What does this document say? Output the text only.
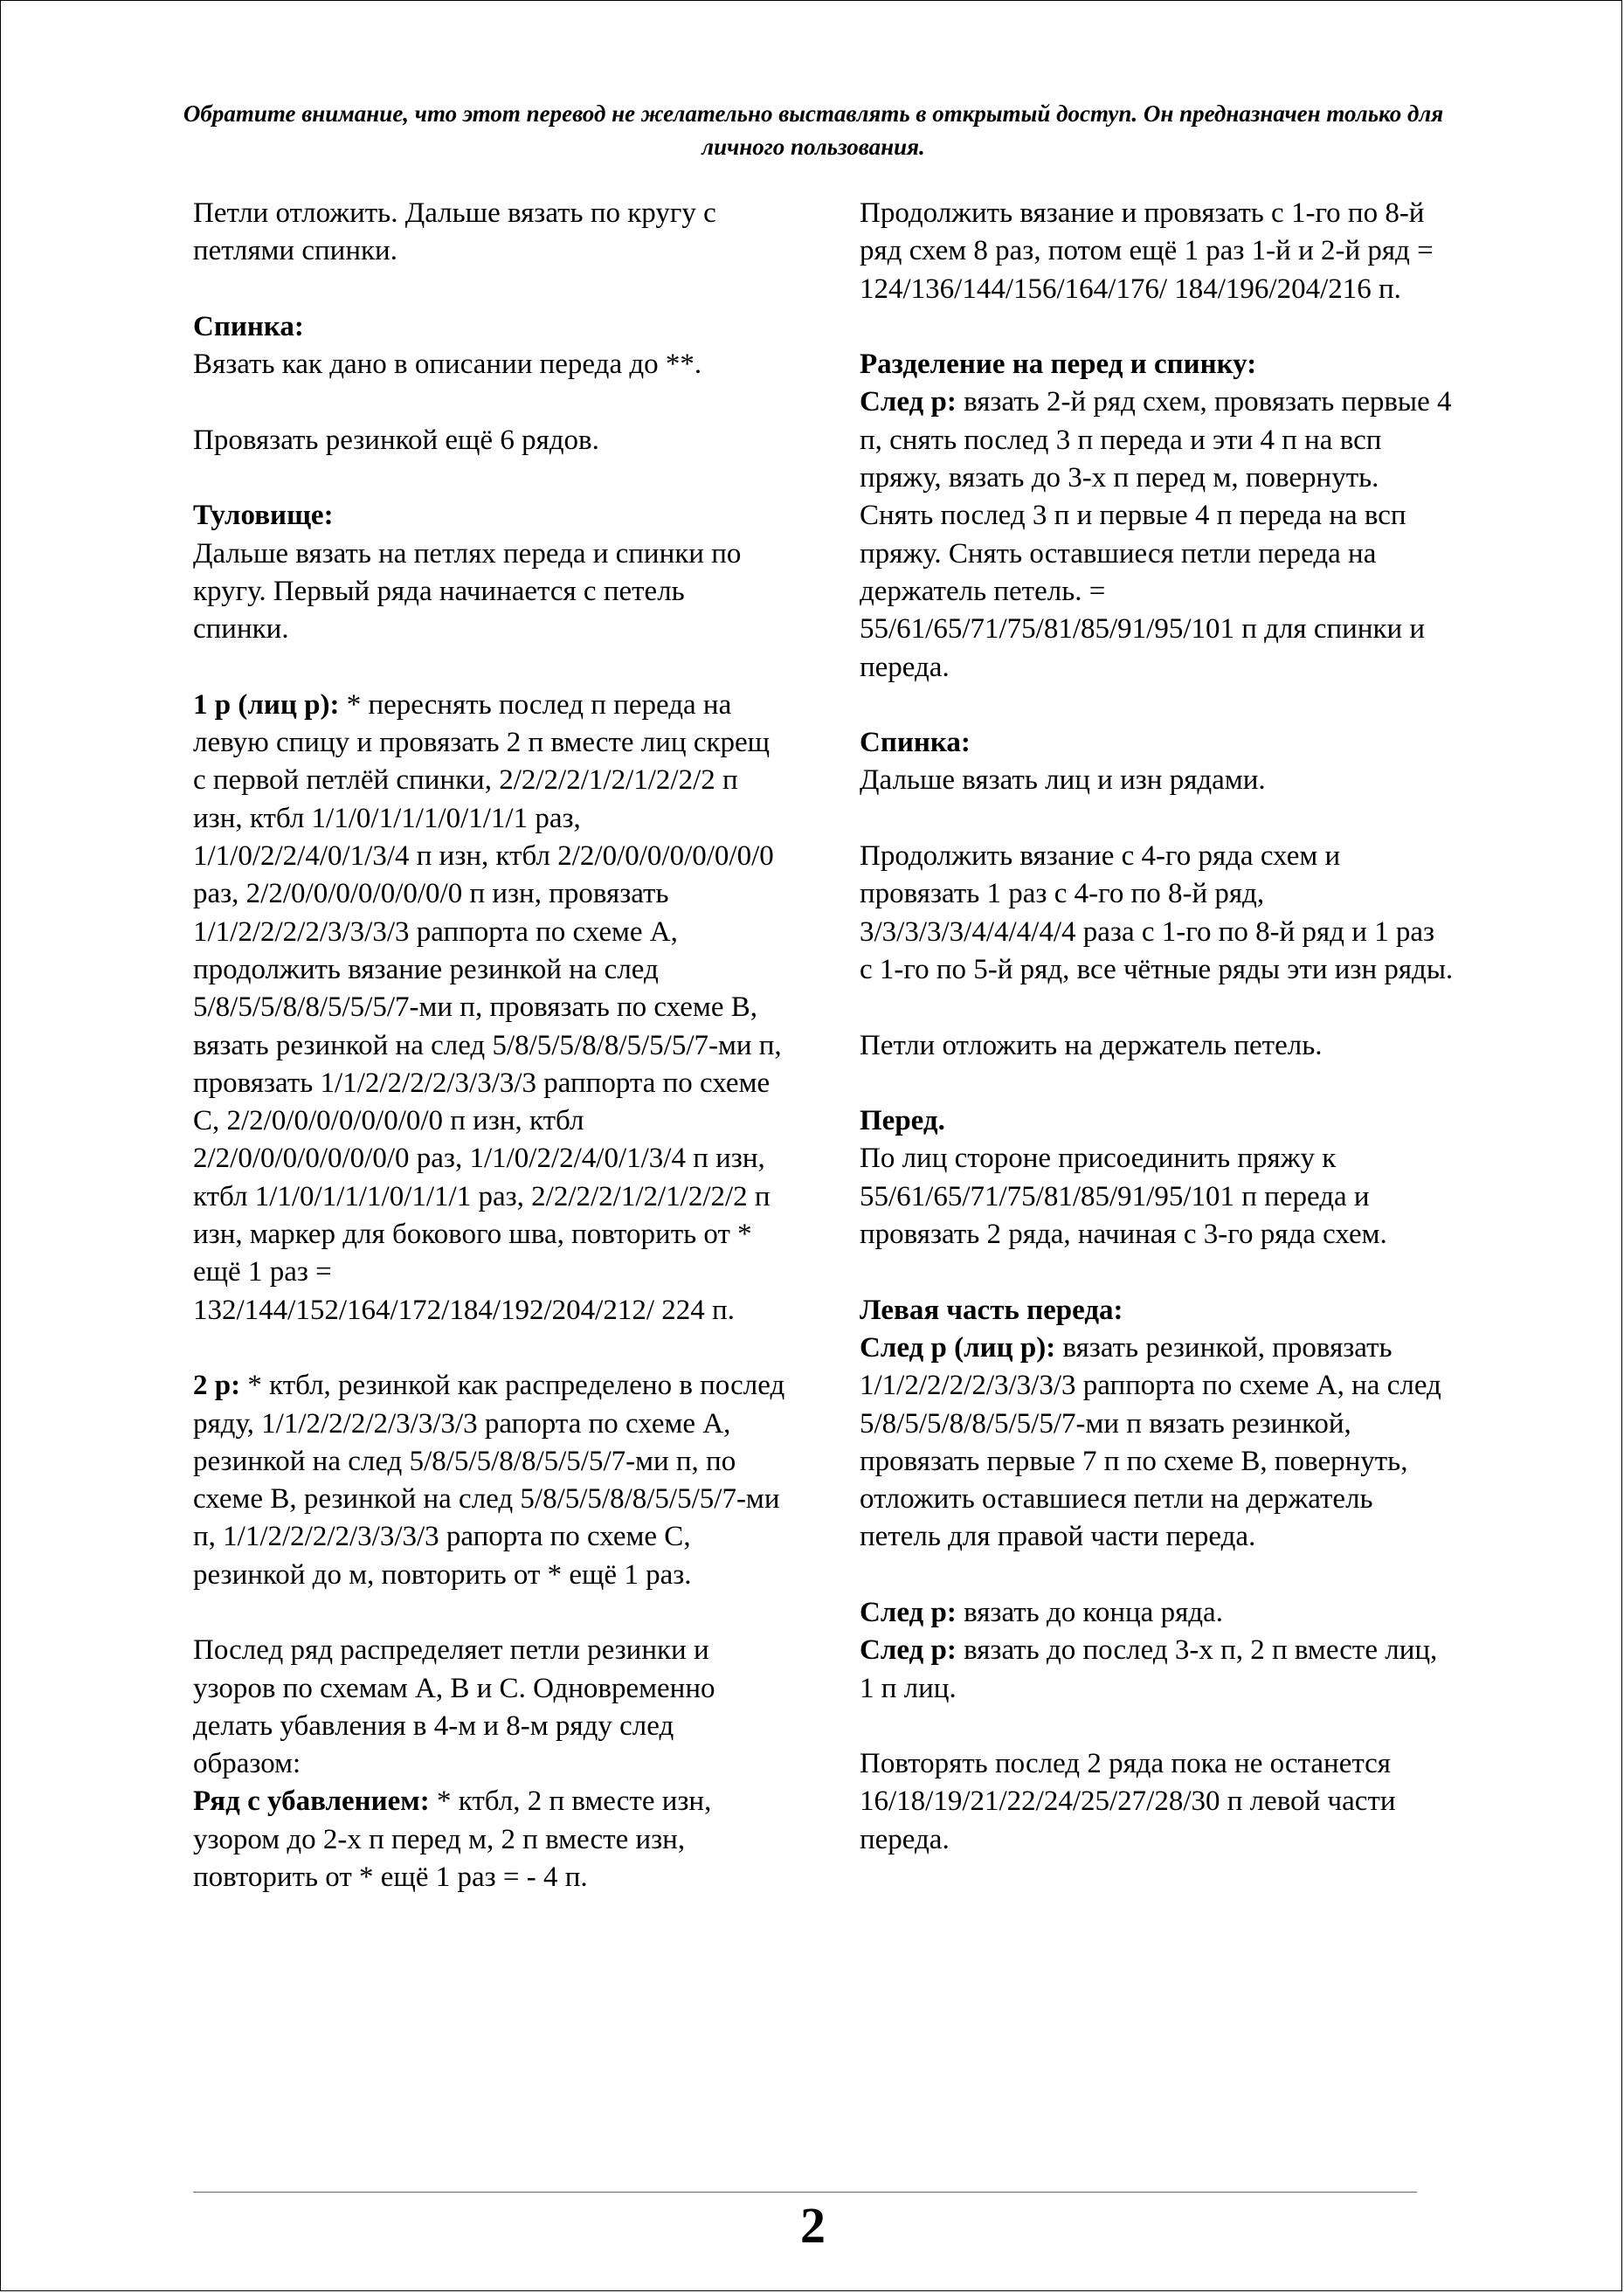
Обратите внимание, что этот перевод не желательно выставлять в открытый доступ. Он предназначен только для личного пользования.

Петли отложить. Дальше вязать по кругу с петлями спинки.

Спинка:

Вязать как дано в описании переда до **.

Провязать резинкой ещё 6 рядов.

Туловище:

Дальше вязать на петлях переда и спинки по кругу. Первый ряда начинается с петель спинки.

1 р (лиц р): * переснять послед п переда на левую спицу и провязать 2 п вместе лиц скрещ с первой петлёй спинки, 2/2/2/2/1/2/1/2/2/2 п изн, ктбл 1/1/0/1/1/1/0/1/1/1 раз, 1/1/0/2/2/4/0/1/3/4 п изн, ктбл 2/2/0/0/0/0/0/0/0/0 раз, 2/2/0/0/0/0/0/0/0/0 п изн, провязать 1/1/2/2/2/2/3/3/3/3 раппорта по схеме А, продолжить вязание резинкой на след 5/8/5/5/8/8/5/5/5/7-ми п, провязать по схеме В, вязать резинкой на след 5/8/5/5/8/8/5/5/5/7-ми п, провязать 1/1/2/2/2/2/3/3/3/3 раппорта по схеме С, 2/2/0/0/0/0/0/0/0/0 п изн, ктбл 2/2/0/0/0/0/0/0/0/0 раз, 1/1/0/2/2/4/0/1/3/4 п изн, ктбл 1/1/0/1/1/1/0/1/1/1 раз, 2/2/2/2/1/2/1/2/2/2 п изн, маркер для бокового шва, повторить от * ещё 1 раз = 132/144/152/164/172/184/192/204/212/ 224 п.

2 р: * ктбл, резинкой как распределено в послед ряду, 1/1/2/2/2/2/3/3/3/3 рапорта по схеме А, резинкой на след 5/8/5/5/8/8/5/5/5/7-ми п, по схеме В, резинкой на след 5/8/5/5/8/8/5/5/5/7-ми п, 1/1/2/2/2/2/3/3/3/3 рапорта по схеме С, резинкой до м, повторить от * ещё 1 раз.

Послед ряд распределяет петли резинки и узоров по схемам А, В и С. Одновременно делать убавления в 4-м и 8-м ряду след образом:

Ряд с убавлением: * ктбл, 2 п вместе изн, узором до 2-х п перед м, 2 п вместе изн, повторить от * ещё 1 раз = - 4 п.

Продолжить вязание и провязать с 1-го по 8-й ряд схем 8 раз, потом ещё 1 раз 1-й и 2-й ряд = 124/136/144/156/164/176/ 184/196/204/216 п.

Разделение на перед и спинку:

След р: вязать 2-й ряд схем, провязать первые 4 п, снять послед 3 п переда и эти 4 п на всп пряжу, вязать до 3-х п перед м, повернуть. Снять послед 3 п и первые 4 п переда на всп пряжу. Снять оставшиеся петли переда на держатель петель. = 55/61/65/71/75/81/85/91/95/101 п для спинки и переда.

Спинка:

Дальше вязать лиц и изн рядами.

Продолжить вязание с 4-го ряда схем и провязать 1 раз с 4-го по 8-й ряд, 3/3/3/3/3/4/4/4/4/4 раза с 1-го по 8-й ряд и 1 раз с 1-го по 5-й ряд, все чётные ряды эти изн ряды.

Петли отложить на держатель петель.

Перед.

По лиц стороне присоединить пряжу к 55/61/65/71/75/81/85/91/95/101 п переда и провязать 2 ряда, начиная с 3-го ряда схем.

Левая часть переда:

След р (лиц р): вязать резинкой, провязать 1/1/2/2/2/2/3/3/3/3 раппорта по схеме А, на след 5/8/5/5/8/8/5/5/5/7-ми п вязать резинкой, провязать первые 7 п по схеме В, повернуть, отложить оставшиеся петли на держатель петель для правой части переда.

След р: вязать до конца ряда.

След р: вязать до послед 3-х п, 2 п вместе лиц, 1 п лиц.

Повторять послед 2 ряда пока не останется 16/18/19/21/22/24/25/27/28/30 п левой части переда.

2
